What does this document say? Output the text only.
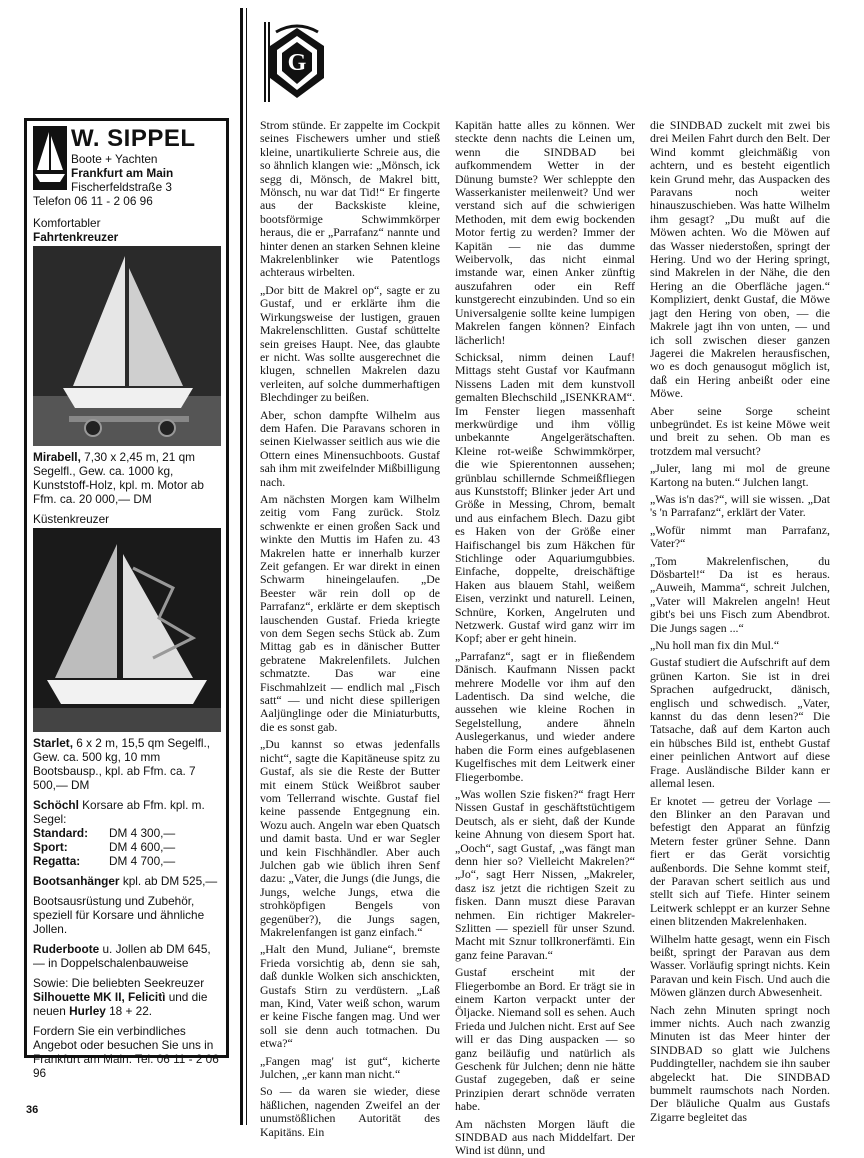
G
W. SIPPEL
Boote + Yachten
Frankfurt am Main
Fischerfeldstraße 3
Telefon 06 11 - 2 06 96
Komfortabler
Fahrtenkreuzer

Mirabell, 7,30 x 2,45 m, 21 qm Segelfl., Gew. ca. 1000 kg, Kunststoff-Holz, kpl. m. Motor ab Ffm. ca. 20 000,— DM

Küstenkreuzer

Starlet, 6 x 2 m, 15,5 qm Segelfl., Gew. ca. 500 kg, 10 mm Bootsbausp., kpl. ab Ffm. ca. 7 500,— DM

Schöchl Korsare ab Ffm. kpl. m. Segel:
Standard:	DM 4 300,—
Sport:	DM 4 600,—
Regatta:	DM 4 700,—

Bootsanhänger kpl. ab DM 525,—

Bootsausrüstung und Zubehör, speziell für Korsare und ähnliche Jollen.

Ruderboote u. Jollen ab DM 645,— in Doppelschalenbauweise

Sowie: Die beliebten Seekreuzer Silhouette MK II, Felicitì und die neuen Hurley 18 + 22.

Fordern Sie ein verbindliches Angebot oder besuchen Sie uns in Frankfurt am Main. Tel. 06 11 - 2 06 96

Strom stünde. Er zappelte im Cockpit seines Fischewers umher und stieß kleine, unartikulierte Schreie aus, die so ähnlich klangen wie: „Mönsch, ick segg di, Mönsch, de Makrel bitt, Mönsch, nu war dat Tid!“ Er fingerte aus der Backskiste kleine, bootsförmige Schwimmkörper heraus, die er „Parrafanz“ nannte und hinter denen an starken Sehnen kleine Makrelenblinker wie Patentlogs achteraus wirbelten.

„Dor bitt de Makrel op“, sagte er zu Gustaf, und er erklärte ihm die Wirkungsweise der lustigen, grauen Makrelenschlitten. Gustaf schüttelte sein greises Haupt. Nee, das glaubte er nicht. Was sollte ausgerechnet die klugen, schnellen Makrelen dazu verleiten, auf solche dummerhaftigen Blechdinger zu beißen.

Aber, schon dampfte Wilhelm aus dem Hafen. Die Paravans schoren in seinen Kielwasser seitlich aus wie die Ottern eines Minensuchboots. Gustaf sah ihm mit zweifelnder Mißbilligung nach.

Am nächsten Morgen kam Wilhelm zeitig vom Fang zurück. Stolz schwenkte er einen großen Sack und winkte den Muttis im Hafen zu. 43 Makrelen hatte er innerhalb kurzer Zeit gefangen. Er war direkt in einen Schwarm hineingelaufen. „De Beester wär rein doll op de Parrafanz“, erklärte er dem skeptisch lauschenden Gustaf. Frieda kriegte von dem Segen sechs Stück ab. Zum Mittag gab es in dänischer Butter gebratene Makrelenfilets. Julchen schmatzte. Das war eine Fischmahlzeit — endlich mal „Fisch satt“ — und nicht diese spillerigen Aaljünglinge oder die Miniaturbutts, die es sonst gab.

„Du kannst so etwas jedenfalls nicht“, sagte die Kapitäneuse spitz zu Gustaf, als sie die Reste der Butter mit einem Stück Weißbrot sauber vom Tellerrand wischte. Gustaf fiel keine passende Entgegnung ein. Wozu auch. Angeln war eben Quatsch und damit basta. Und er war Segler und kein Fischhändler. Aber auch Julchen gab wie üblich ihren Senf dazu: „Vater, die Jungs (die Jungs, die Jungs, welche Jungs, etwa die strohköpfigen Bengels von gegenüber?), die Jungs sagen, Makrelenfangen ist ganz einfach.“

„Halt den Mund, Juliane“, bremste Frieda vorsichtig ab, denn sie sah, daß dunkle Wolken sich anschickten, Gustafs Stirn zu verdüstern. „Laß man, Kind, Vater weiß schon, warum er keine Fische fangen mag. Und wer soll sie denn auch totmachen. Du etwa?“

„Fangen mag' ist gut“, kicherte Julchen, „er kann man nicht.“

So — da waren sie wieder, diese häßlichen, nagenden Zweifel an der unumstößlichen Autorität des Kapitäns. Ein

Kapitän hatte alles zu können. Wer steckte denn nachts die Leinen um, wenn die SINDBAD bei aufkommendem Wetter in der Dünung bumste? Wer schleppte den Wasserkanister meilenweit? Und wer verstand sich auf die schwierigen Methoden, mit dem ewig bockenden Motor fertig zu werden? Immer der Kapitän — nie das dumme Weibervolk, das nicht einmal imstande war, einen Anker zünftig auszufahren oder ein Reff kunstgerecht einzubinden. Und so ein Universalgenie sollte keine lumpigen Makrelen fangen können? Einfach lächerlich!

Schicksal, nimm deinen Lauf! Mittags steht Gustaf vor Kaufmann Nissens Laden mit dem kunstvoll gemalten Blechschild „ISENKRAM“. Im Fenster liegen massenhaft merkwürdige und ihm völlig unbekannte Angelgerätschaften. Kleine rot-weiße Schwimmkörper, die wie Spierentonnen aussehen; grünblau schillernde Schmeißfliegen aus Kunststoff; Blinker jeder Art und Größe in Messing, Chrom, bemalt und aus einfachem Blech. Dazu gibt es Haken von der Größe einer Haifischangel bis zum Häkchen für Stichlinge oder Aquariumgubbies. Einfache, doppelte, dreischäftige Haken aus blauem Stahl, weißem Eisen, verzinkt und naturell. Leinen, Schnüre, Korken, Angelruten und Netzwerk. Gustaf wird ganz wirr im Kopf; aber er geht hinein.

„Parrafanz“, sagt er in fließendem Dänisch. Kaufmann Nissen packt mehrere Modelle vor ihm auf den Ladentisch. Da sind welche, die aussehen wie kleine Rochen in Segelstellung, andere ähneln Auslegerkanus, und wieder andere haben die Form eines aufgeblasenen Kugelfisches mit dem Leitwerk einer Fliegerbombe.

„Was wollen Szie fisken?“ fragt Herr Nissen Gustaf in geschäftstüchtigem Deutsch, als er sieht, daß der Kunde keine Ahnung von diesem Sport hat. „Ooch“, sagt Gustaf, „was fängt man denn hier so? Vielleicht Makrelen?“ „Jo“, sagt Herr Nissen, „Makreler, dasz isz jetzt die richtigen Szeit zu fisken. Dann muszt diese Paravan nehmen. Ein richtiger Makreler-Szlitten — speziell für unser Szund. Macht mit Sznur tollkronerfämti. Ein ganz feine Paravan.“

Gustaf erscheint mit der Fliegerbombe an Bord. Er trägt sie in einem Karton verpackt unter der Öljacke. Niemand soll es sehen. Auch Frieda und Julchen nicht. Erst auf See will er das Ding auspacken — so ganz beiläufig und natürlich als Geschenk für Julchen; denn nie hätte Gustaf zugegeben, daß er seine Prinzipien derart schnöde verraten habe.

Am nächsten Morgen läuft die SINDBAD aus nach Middelfart. Der Wind ist dünn, und

die SINDBAD zuckelt mit zwei bis drei Meilen Fahrt durch den Belt. Der Wind kommt gleichmäßig von achtern, und es besteht eigentlich kein Grund mehr, das Auspacken des Paravans noch weiter hinauszuschieben. Was hatte Wilhelm ihm gesagt? „Du mußt auf die Möwen achten. Wo die Möwen auf das Wasser niederstoßen, springt der Hering. Und wo der Hering springt, sind Makrelen in der Nähe, die den Hering an die Oberfläche jagen.“ Kompliziert, denkt Gustaf, die Möwe jagt den Hering von oben, — die Makrele jagt ihn von unten, — und ich soll zwischen dieser ganzen Jagerei die Makrelen herausfischen, wo es doch genausogut möglich ist, daß ein Hering anbeißt oder eine Möwe.

Aber seine Sorge scheint unbegründet. Es ist keine Möwe weit und breit zu sehen. Ob man es trotzdem mal versucht?

„Juler, lang mi mol de greune Kartong na buten.“ Julchen langt.

„Was is'n das?“, will sie wissen. „Dat 's 'n Parrafanz“, erklärt der Vater.

„Wofür nimmt man Parrafanz, Vater?“

„Tom Makrelenfischen, du Dösbartel!“ Da ist es heraus. „Auweih, Mamma“, schreit Julchen, „Vater will Makrelen angeln! Heut gibt's bei uns Fisch zum Abendbrot. Die Jungs sagen ...“

„Nu holl man fix din Mul.“

Gustaf studiert die Aufschrift auf dem grünen Karton. Sie ist in drei Sprachen aufgedruckt, dänisch, englisch und schwedisch. „Vater, kannst du das denn lesen?“ Die Tatsache, daß auf dem Karton auch ein hübsches Bild ist, enthebt Gustaf einer peinlichen Antwort auf diese Frage. Ausländische Bilder kann er allemal lesen.

Er knotet — getreu der Vorlage — den Blinker an den Paravan und befestigt den Apparat an fünfzig Metern fester grüner Sehne. Dann fiert er das Gerät vorsichtig außenbords. Die Sehne kommt steif, der Paravan schert seitlich aus und stellt sich auf Tiefe. Hinter seinem Leitwerk schleppt er an kurzer Sehne einen blitzenden Makrelenhaken.

Wilhelm hatte gesagt, wenn ein Fisch beißt, springt der Paravan aus dem Wasser. Vorläufig springt nichts. Kein Paravan und kein Fisch. Und auch die Möwen glänzen durch Abwesenheit.

Nach zehn Minuten springt noch immer nichts. Auch nach zwanzig Minuten ist das Meer hinter der SINDBAD so glatt wie Julchens Puddingteller, nachdem sie ihn sauber abgeleckt hat. Die SINDBAD bummelt raumschots nach Norden. Der bläuliche Qualm aus Gustafs Zigarre begleitet das

36
